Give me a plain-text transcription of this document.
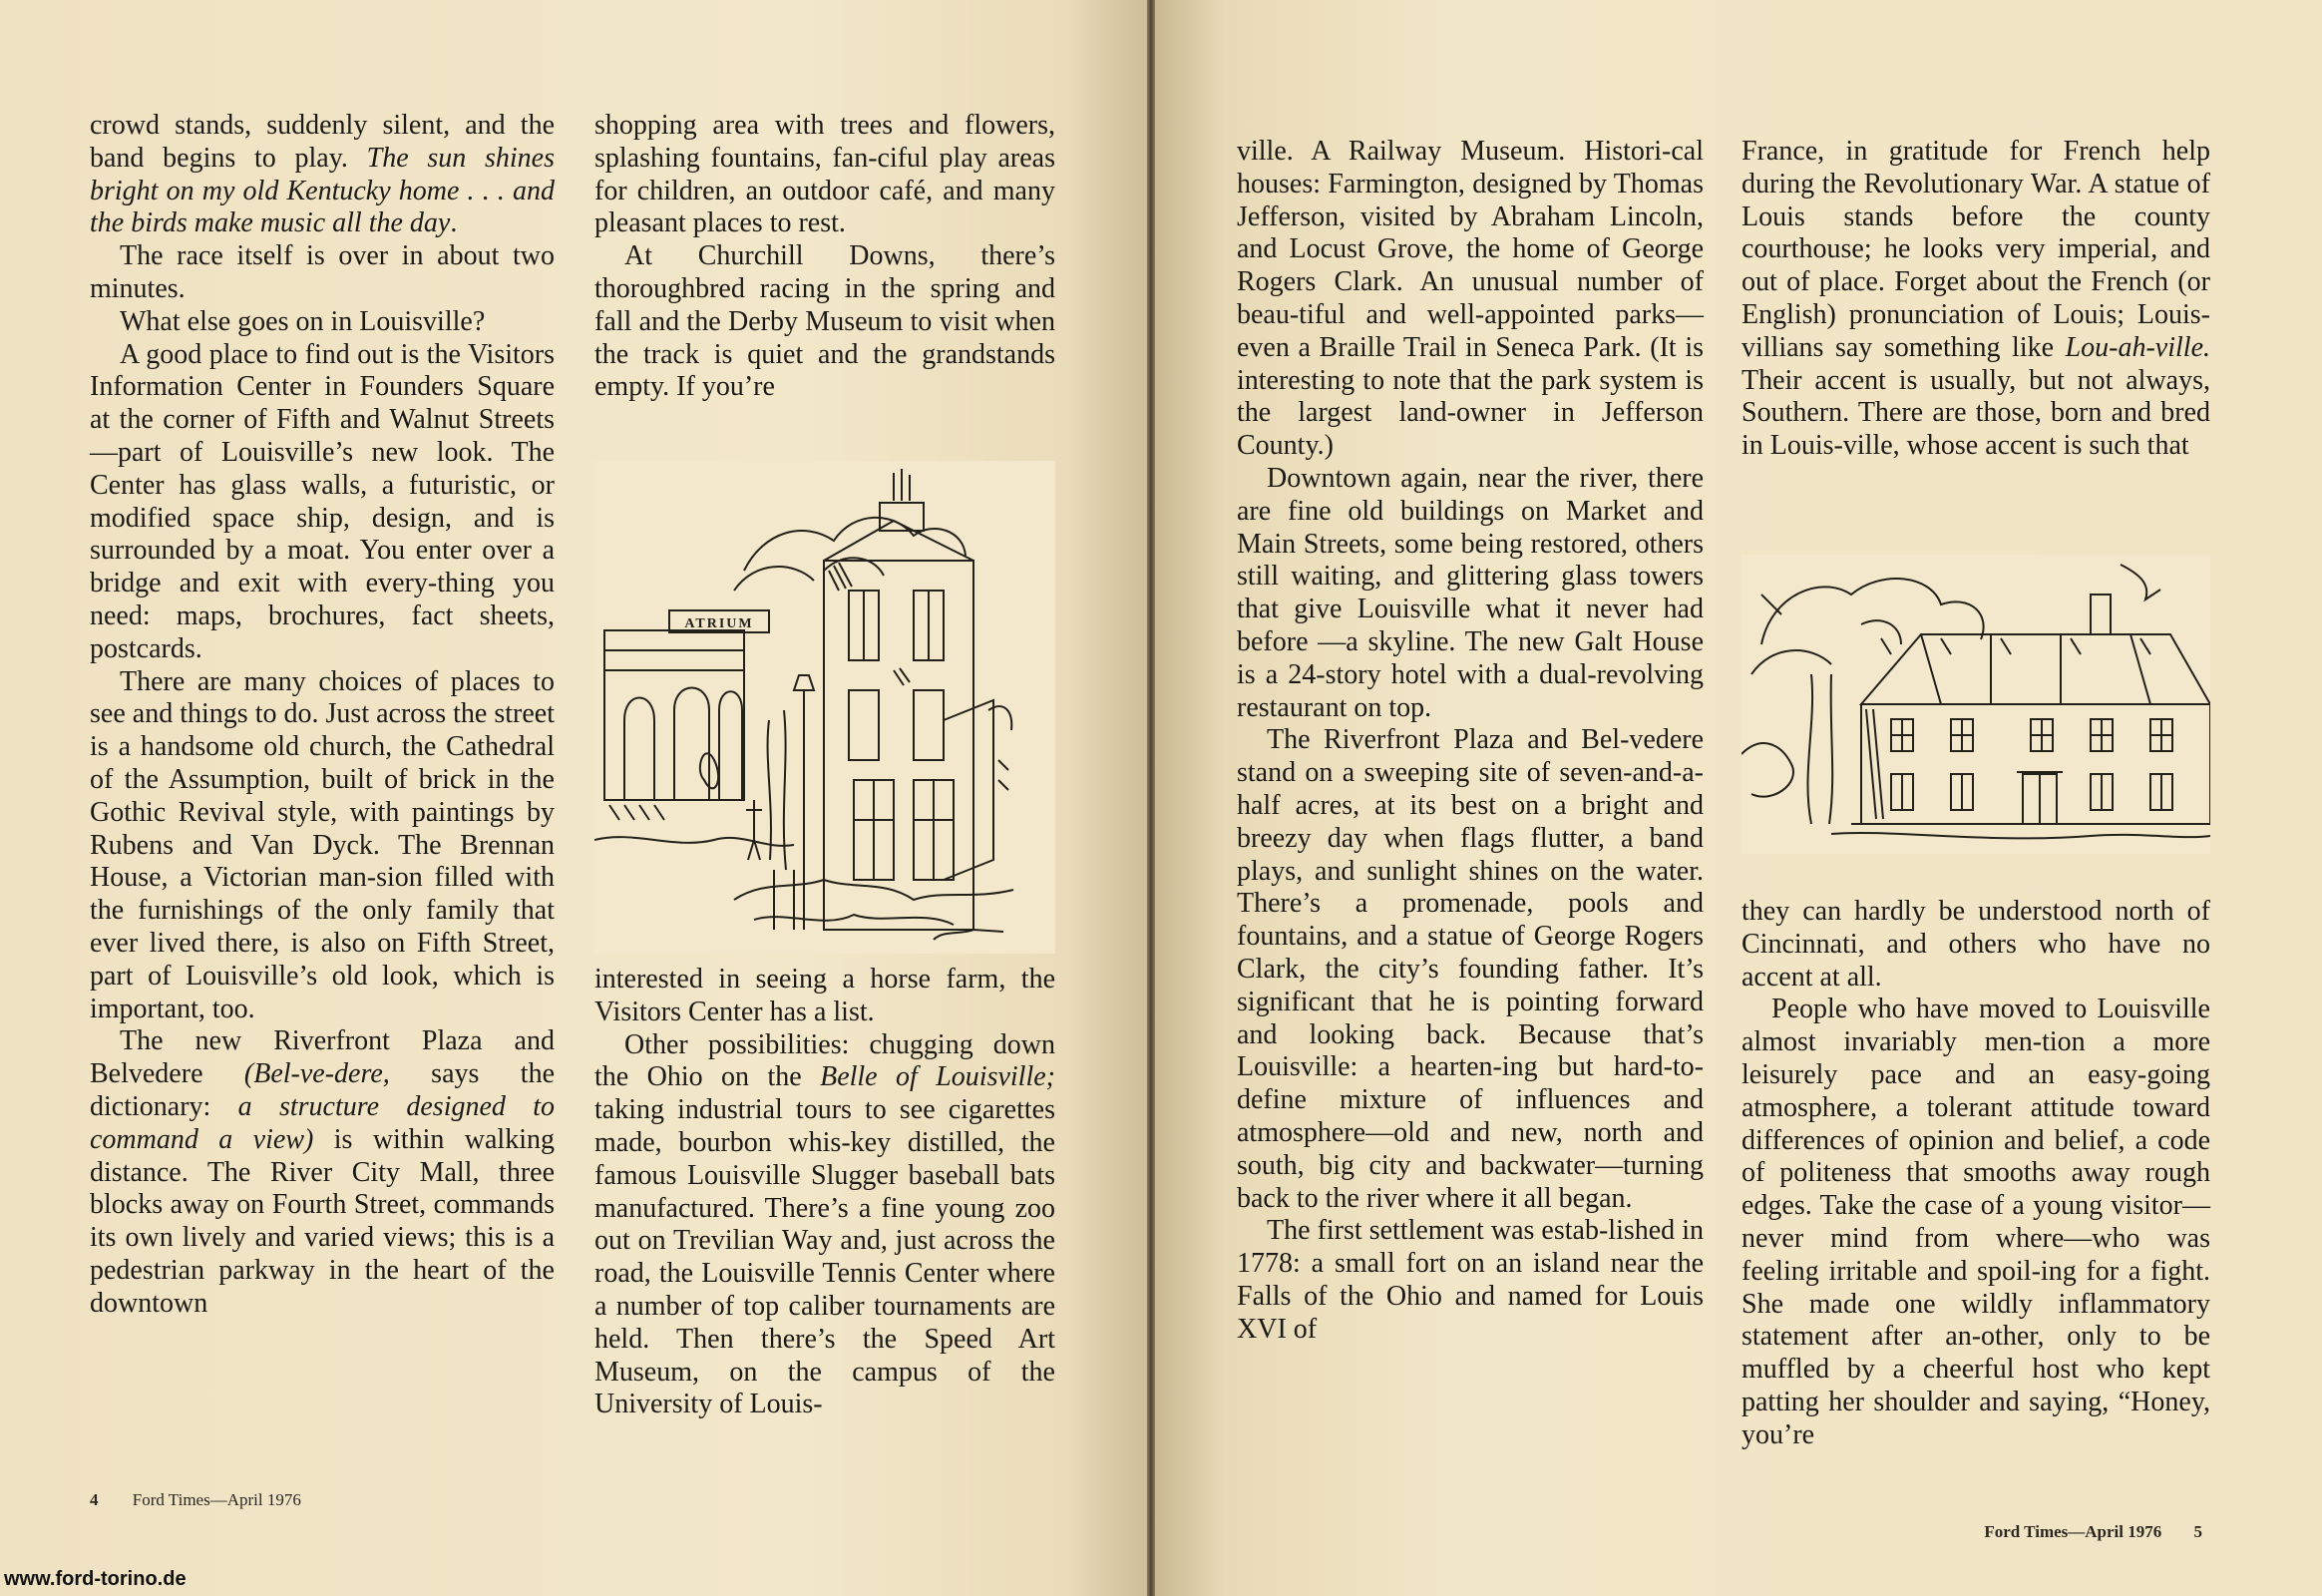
crowd stands, suddenly silent, and the band begins to play. The sun shines bright on my old Kentucky home . . . and the birds make music all the day.

The race itself is over in about two minutes.

What else goes on in Louisville?

A good place to find out is the Visitors Information Center in Founders Square at the corner of Fifth and Walnut Streets—part of Louisville’s new look. The Center has glass walls, a futuristic, or modified space ship, design, and is surrounded by a moat. You enter over a bridge and exit with every-thing you need: maps, brochures, fact sheets, postcards.

There are many choices of places to see and things to do. Just across the street is a handsome old church, the Cathedral of the Assumption, built of brick in the Gothic Revival style, with paintings by Rubens and Van Dyck. The Brennan House, a Victorian man-sion filled with the furnishings of the only family that ever lived there, is also on Fifth Street, part of Louisville’s old look, which is important, too.

The new Riverfront Plaza and Belvedere (Bel-ve-dere, says the dictionary: a structure designed to command a view) is within walking distance. The River City Mall, three blocks away on Fourth Street, commands its own lively and varied views; this is a pedestrian parkway in the heart of the downtown

shopping area with trees and flowers, splashing fountains, fan-ciful play areas for children, an outdoor café, and many pleasant places to rest.

At Churchill Downs, there’s thoroughbred racing in the spring and fall and the Derby Museum to visit when the track is quiet and the grandstands empty. If you’re

ATRIUM

interested in seeing a horse farm, the Visitors Center has a list.

Other possibilities: chugging down the Ohio on the Belle of Louisville; taking industrial tours to see cigarettes made, bourbon whis-key distilled, the famous Louisville Slugger baseball bats manufactured. There’s a fine young zoo out on Trevilian Way and, just across the road, the Louisville Tennis Center where a number of top caliber tournaments are held. Then there’s the Speed Art Museum, on the campus of the University of Louis-

4 Ford Times—April 1976

ville. A Railway Museum. Histori-cal houses: Farmington, designed by Thomas Jefferson, visited by Abraham Lincoln, and Locust Grove, the home of George Rogers Clark. An unusual number of beau-tiful and well-appointed parks—even a Braille Trail in Seneca Park. (It is interesting to note that the park system is the largest land-owner in Jefferson County.)

Downtown again, near the river, there are fine old buildings on Market and Main Streets, some being restored, others still waiting, and glittering glass towers that give Louisville what it never had before —a skyline. The new Galt House is a 24-story hotel with a dual-revolving restaurant on top.

The Riverfront Plaza and Bel-vedere stand on a sweeping site of seven-and-a-half acres, at its best on a bright and breezy day when flags flutter, a band plays, and sunlight shines on the water. There’s a promenade, pools and fountains, and a statue of George Rogers Clark, the city’s founding father. It’s significant that he is pointing forward and looking back. Because that’s Louisville: a hearten-ing but hard-to-define mixture of influences and atmosphere—old and new, north and south, big city and backwater—turning back to the river where it all began.

The first settlement was estab-lished in 1778: a small fort on an island near the Falls of the Ohio and named for Louis XVI of

France, in gratitude for French help during the Revolutionary War. A statue of Louis stands before the county courthouse; he looks very imperial, and out of place. Forget about the French (or English) pronunciation of Louis; Louis-villians say something like Lou-ah-ville. Their accent is usually, but not always, Southern. There are those, born and bred in Louis-ville, whose accent is such that

they can hardly be understood north of Cincinnati, and others who have no accent at all.

People who have moved to Louisville almost invariably men-tion a more leisurely pace and an easy-going atmosphere, a tolerant attitude toward differences of opinion and belief, a code of politeness that smooths away rough edges. Take the case of a young visitor—never mind from where—who was feeling irritable and spoil-ing for a fight. She made one wildly inflammatory statement after an-other, only to be muffled by a cheerful host who kept patting her shoulder and saying, “Honey, you’re

Ford Times—April 1976 5
www.ford-torino.de
